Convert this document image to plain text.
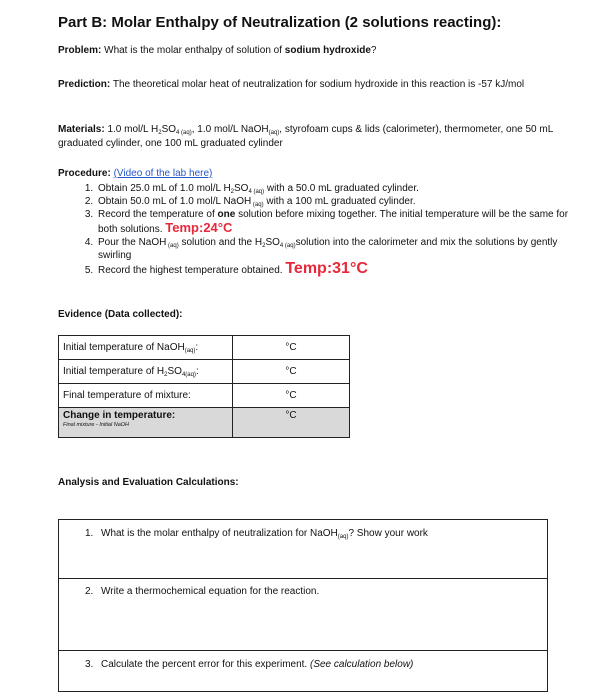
Part B: Molar Enthalpy of Neutralization (2 solutions reacting):
Problem: What is the molar enthalpy of solution of sodium hydroxide?
Prediction: The theoretical molar heat of neutralization for sodium hydroxide in this reaction is -57 kJ/mol
Materials: 1.0 mol/L $H_2SO_{4 (aq)}$, 1.0 mol/L NaOH$_{(aq)}$, styrofoam cups & lids (calorimeter), thermometer, one 50 mL graduated cylinder, one 100 mL graduated cylinder
Procedure: (Video of the lab here)
1. Obtain 25.0 mL of 1.0 mol/L $H_2SO_{4 (aq)}$ with a 50.0 mL graduated cylinder.
2. Obtain 50.0 mL of 1.0 mol/L NaOH $_{(aq)}$ with a 100 mL graduated cylinder.
3. Record the temperature of one solution before mixing together. The initial temperature will be the same for both solutions. Temp:24°C
4. Pour the NaOH $_{(aq)}$ solution and the $H_2SO_{4 (aq)}solution$ into the calorimeter and mix the solutions by gently swirling
5. Record the highest temperature obtained. Temp:31°C
Evidence (Data collected):
Initial temperature of NaOH$_{(aq)}$:	°C
Initial temperature of $H_2SO_{4(aq)}$:	°C
Final temperature of mixture:	°C
Change in temperature:
Final mixture - Initial NaOH	°C
Analysis and Evaluation Calculations:
1. What is the molar enthalpy of neutralization for NaOH$_{(aq)}$? Show your work
2. Write a thermochemical equation for the reaction.
3. Calculate the percent error for this experiment. (See calculation below)
